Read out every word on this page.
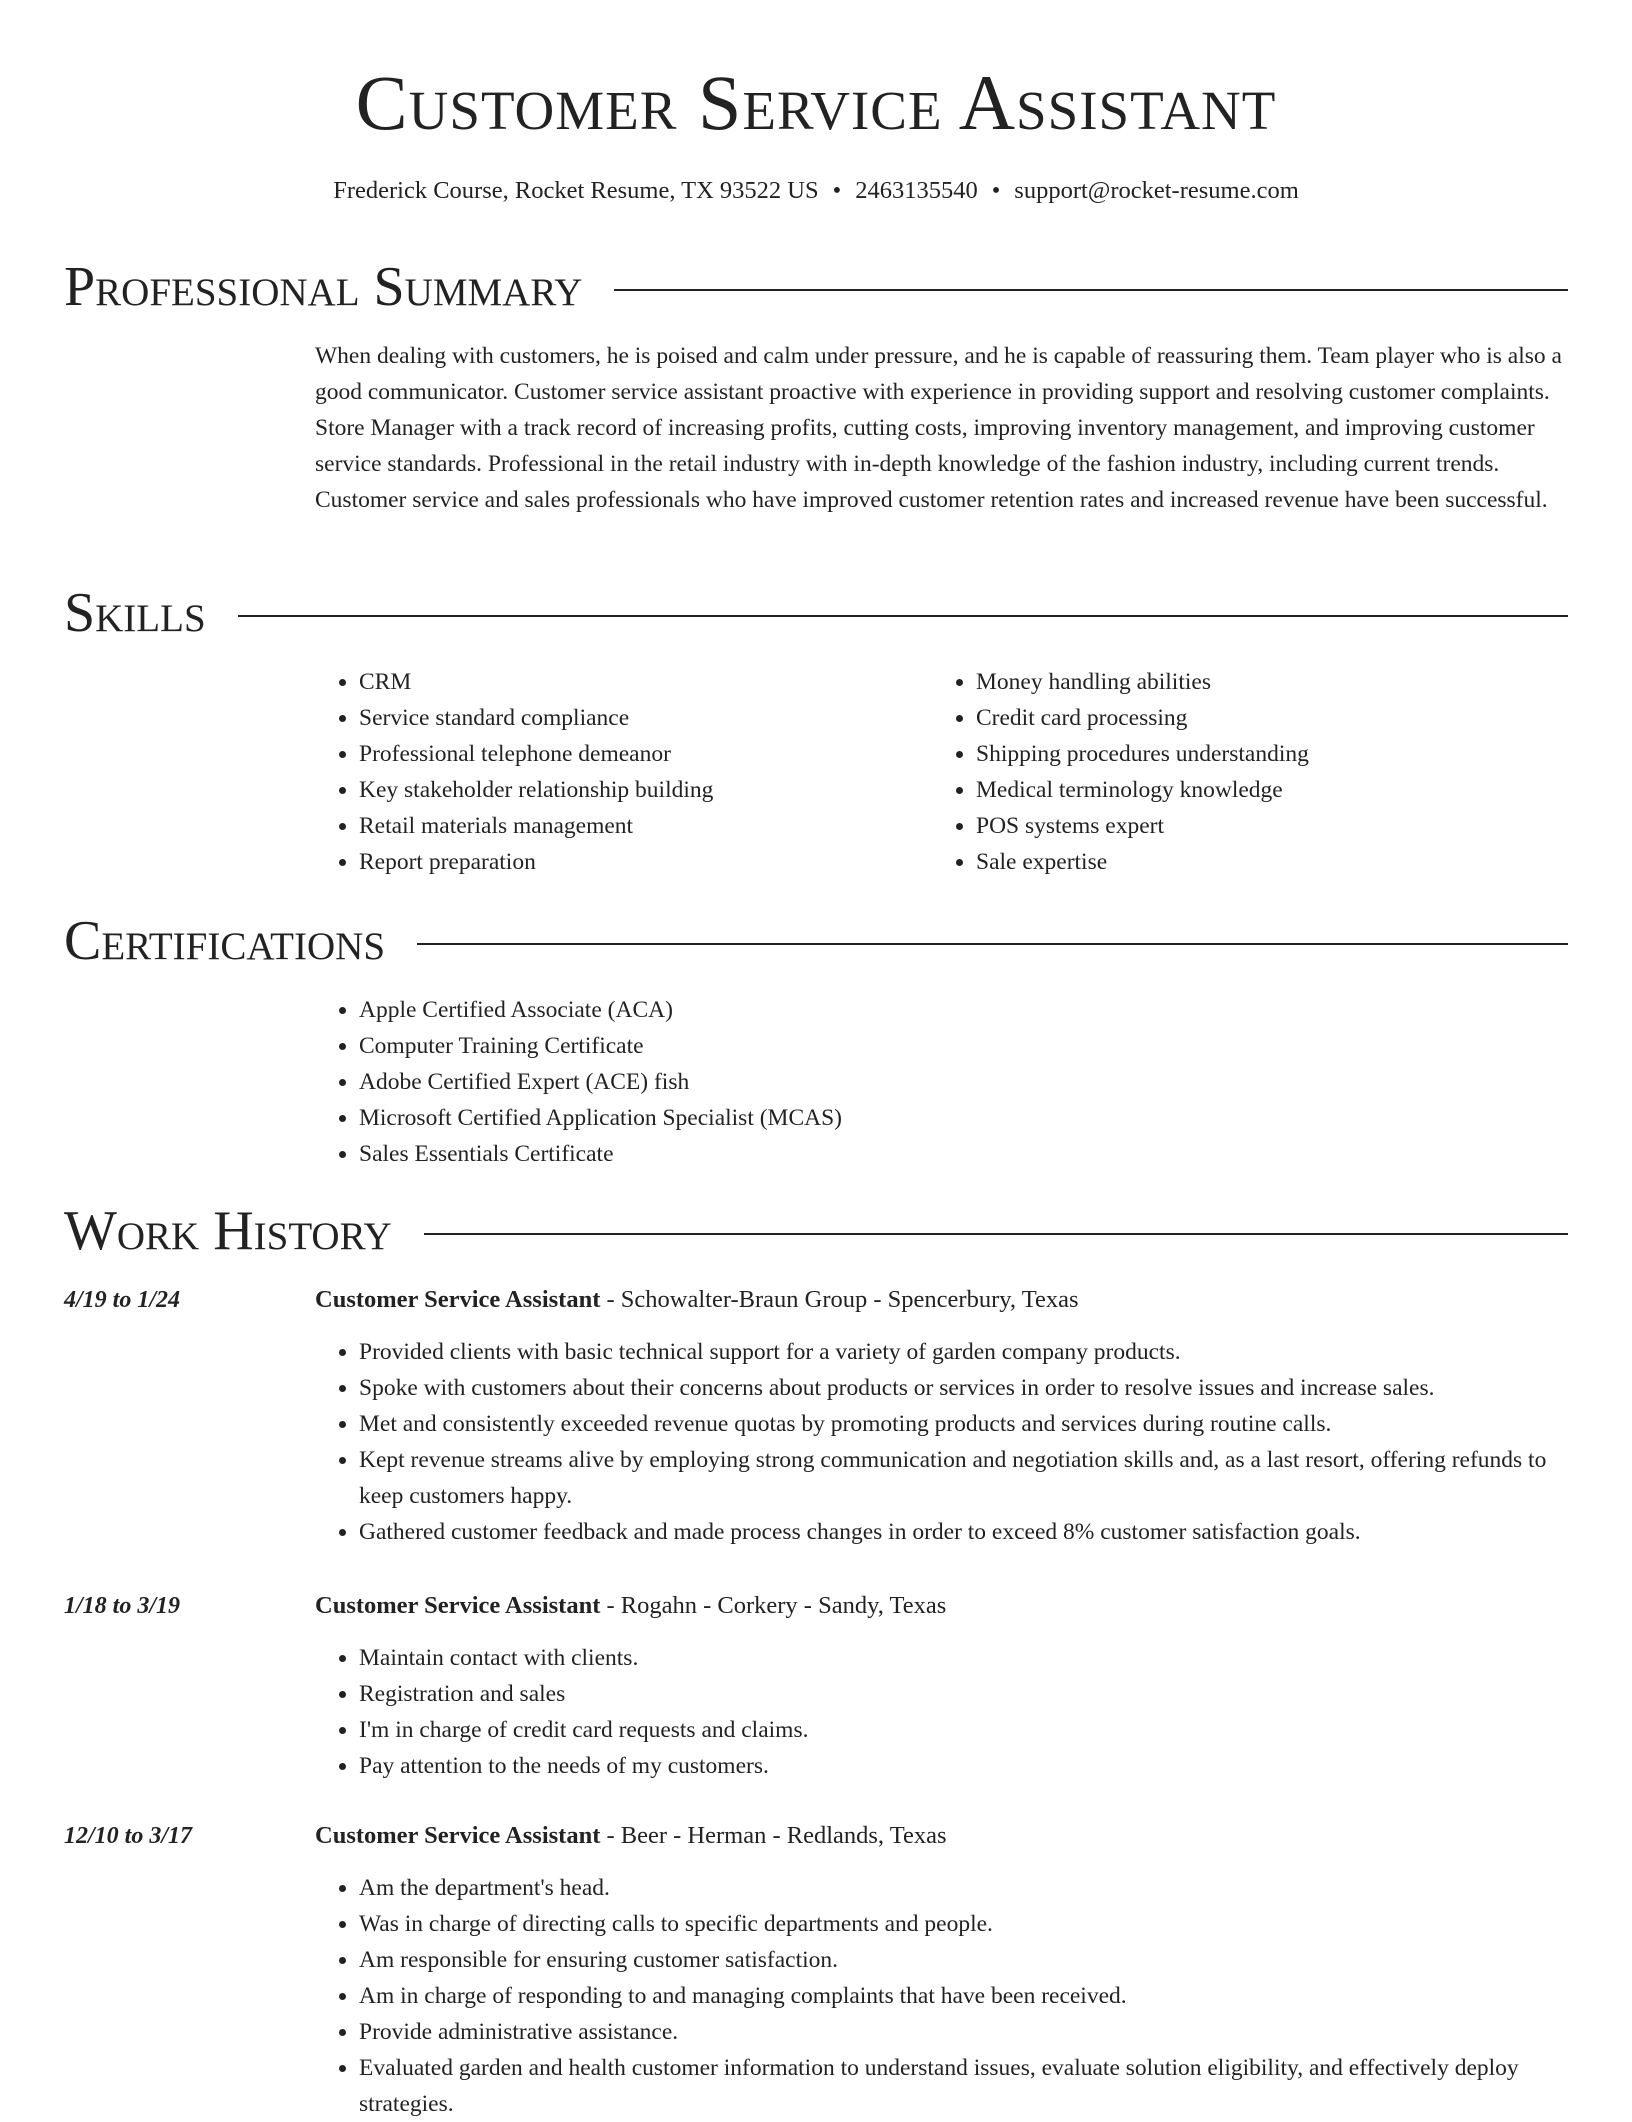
Customer Service Assistant
Frederick Course, Rocket Resume, TX 93522 US • 2463135540 • support@rocket-resume.com
Professional Summary

When dealing with customers, he is poised and calm under pressure, and he is capable of reassuring them. Team player who is also a good communicator. Customer service assistant proactive with experience in providing support and resolving customer complaints. Store Manager with a track record of increasing profits, cutting costs, improving inventory management, and improving customer service standards. Professional in the retail industry with in-depth knowledge of the fashion industry, including current trends. Customer service and sales professionals who have improved customer retention rates and increased revenue have been successful.

Skills
• CRM
• Service standard compliance
• Professional telephone demeanor
• Key stakeholder relationship building
• Retail materials management
• Report preparation
• Money handling abilities
• Credit card processing
• Shipping procedures understanding
• Medical terminology knowledge
• POS systems expert
• Sale expertise
Certifications
• Apple Certified Associate (ACA)
• Computer Training Certificate
• Adobe Certified Expert (ACE) fish
• Microsoft Certified Application Specialist (MCAS)
• Sales Essentials Certificate
Work History
4/19 to 1/24	Customer Service Assistant - Schowalter-Braun Group - Spencerbury, Texas
• Provided clients with basic technical support for a variety of garden company products.
• Spoke with customers about their concerns about products or services in order to resolve issues and increase sales.
• Met and consistently exceeded revenue quotas by promoting products and services during routine calls.
• Kept revenue streams alive by employing strong communication and negotiation skills and, as a last resort, offering refunds to keep customers happy.
• Gathered customer feedback and made process changes in order to exceed 8% customer satisfaction goals.
1/18 to 3/19	Customer Service Assistant - Rogahn - Corkery - Sandy, Texas
• Maintain contact with clients.
• Registration and sales
• I'm in charge of credit card requests and claims.
• Pay attention to the needs of my customers.
12/10 to 3/17	Customer Service Assistant - Beer - Herman - Redlands, Texas
• Am the department's head.
• Was in charge of directing calls to specific departments and people.
• Am responsible for ensuring customer satisfaction.
• Am in charge of responding to and managing complaints that have been received.
• Provide administrative assistance.
• Evaluated garden and health customer information to understand issues, evaluate solution eligibility, and effectively deploy strategies.
